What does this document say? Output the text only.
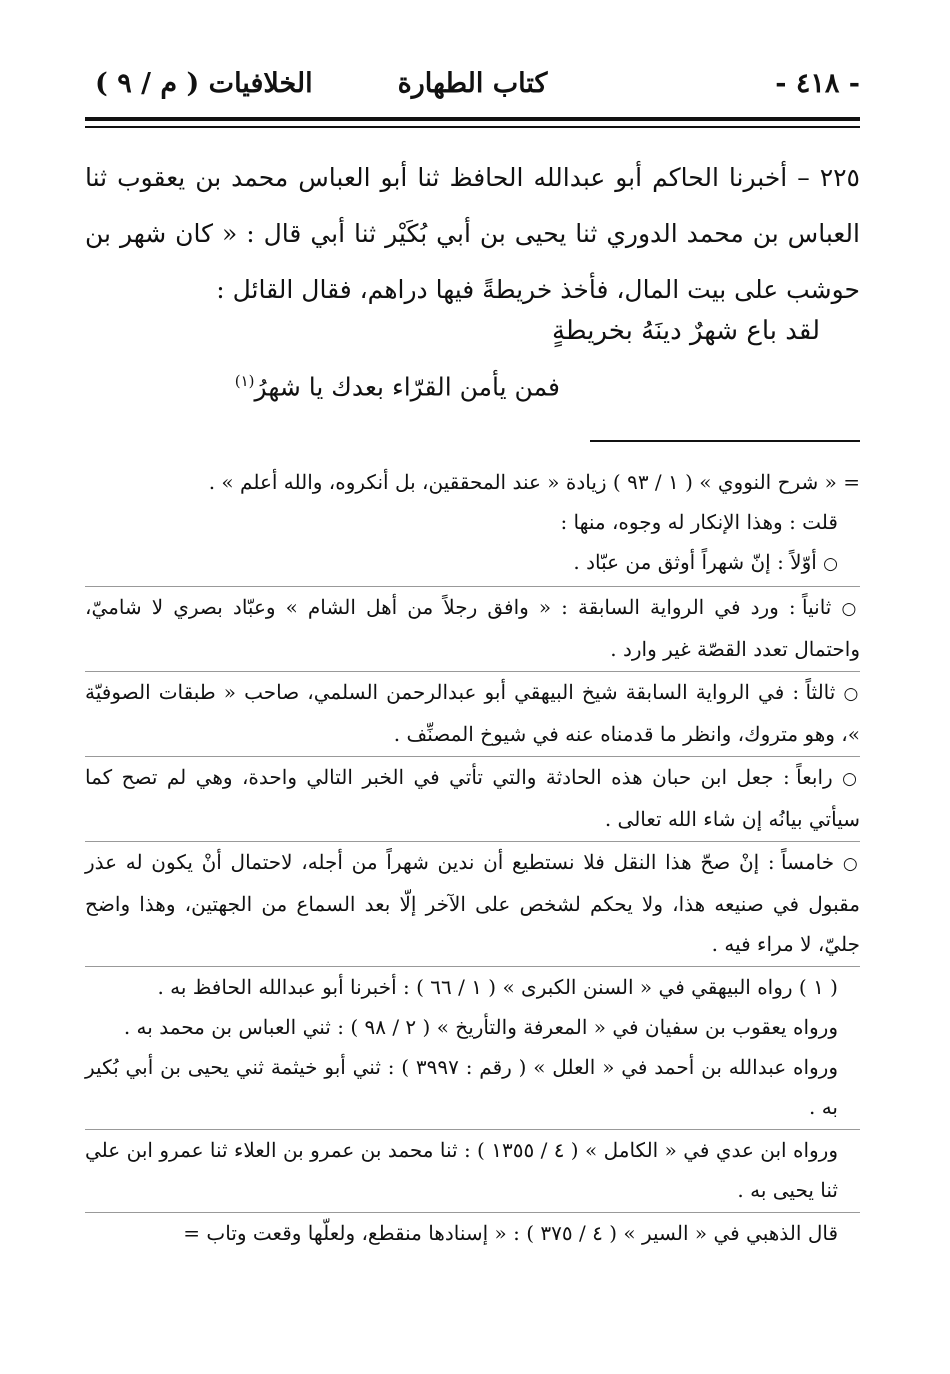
- ٤١٨ -
كتاب الطهارة
الخلافيات ( م / ٩ )

٢٢٥ – أخبرنا الحاكم أبو عبدالله الحافظ ثنا أبو العباس محمد بن يعقوب ثنا العباس بن محمد الدوري ثنا يحيى بن أبي بُكَيْر ثنا أبي قال : « كان شهر بن حوشب على بيت المال، فأخذ خريطةً فيها دراهم، فقال القائل :

لقد باع شهرٌ دينَهُ بخريطةٍ
فمن يأمن القرّاء بعدك يا شهرُ$^{(١)}$

= « شرح النووي » ( ١ / ٩٣ ) زيادة « عند المحققين، بل أنكروه، والله أعلم » .

قلت : وهذا الإنكار له وجوه، منها :

○ أوّلاً : إنّ شهراً أوثق من عبّاد .

○ ثانياً : ورد في الرواية السابقة : « وافق رجلاً من أهل الشام » وعبّاد بصري لا شاميّ، واحتمال تعدد القصّة غير وارد .

○ ثالثاً : في الرواية السابقة شيخ البيهقي أبو عبدالرحمن السلمي، صاحب « طبقات الصوفيّة »، وهو متروك، وانظر ما قدمناه عنه في شيوخ المصنِّف .

○ رابعاً : جعل ابن حبان هذه الحادثة والتي تأتي في الخبر التالي واحدة، وهي لم تصح كما سيأتي بيانُه إن شاء الله تعالى .

○ خامساً : إنْ صحّ هذا النقل فلا نستطيع أن ندين شهراً من أجله، لاحتمال أنْ يكون له عذر مقبول في صنيعه هذا، ولا يحكم لشخص على الآخر إلّا بعد السماع من الجهتين، وهذا واضح جليّ، لا مراء فيه .

( ١ ) رواه البيهقي في « السنن الكبرى » ( ١ / ٦٦ ) : أخبرنا أبو عبدالله الحافظ به .

ورواه يعقوب بن سفيان في « المعرفة والتأريخ » ( ٢ / ٩٨ ) : ثني العباس بن محمد به .

ورواه عبدالله بن أحمد في « العلل » ( رقم : ٣٩٩٧ ) : ثني أبو خيثمة ثني يحيى بن أبي بُكير به .

ورواه ابن عدي في « الكامل » ( ٤ / ١٣٥٥ ) : ثنا محمد بن عمرو بن العلاء ثنا عمرو ابن علي ثنا يحيى به .

قال الذهبي في « السير » ( ٤ / ٣٧٥ ) : « إسنادها منقطع، ولعلّها وقعت وتاب =
